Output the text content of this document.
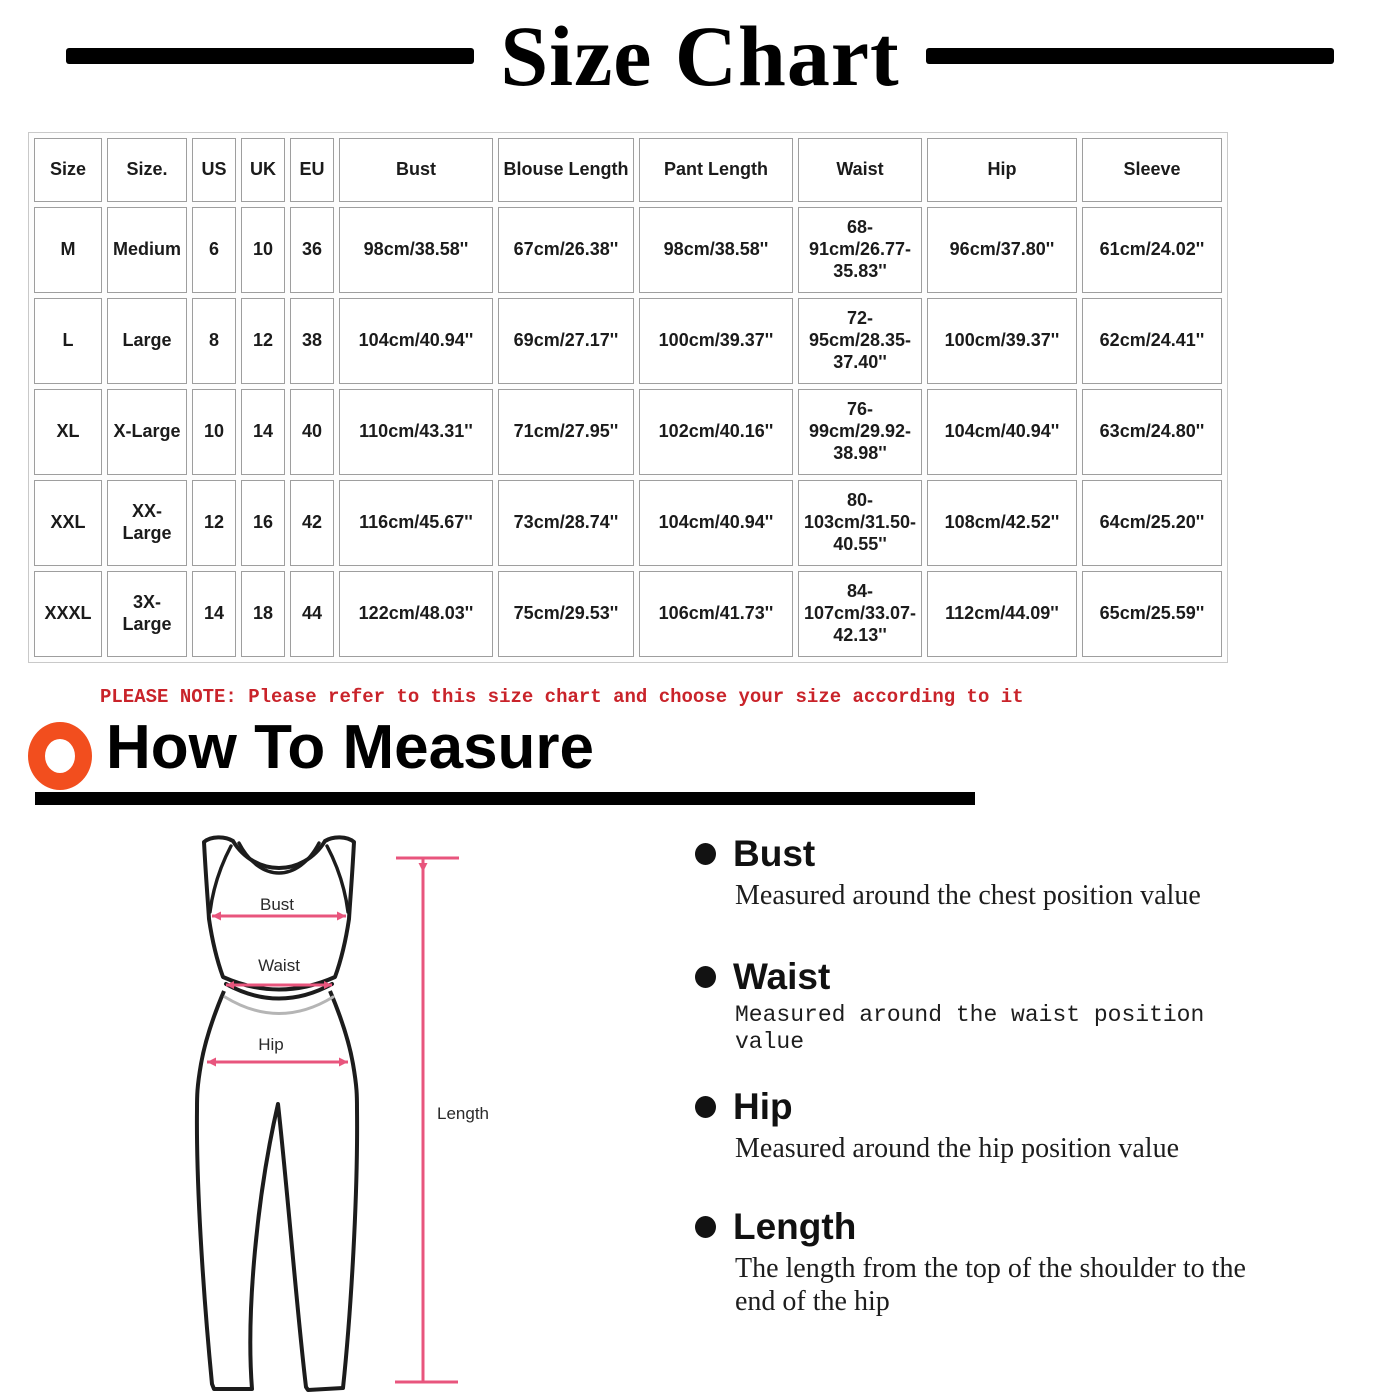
Size Chart
Size	Size.	US	UK	EU	Bust	Blouse Length	Pant Length	Waist	Hip	Sleeve
M	Medium	6	10	36	98cm/38.58''	67cm/26.38''	98cm/38.58''	68-91cm/26.77-35.83''	96cm/37.80''	61cm/24.02''
L	Large	8	12	38	104cm/40.94''	69cm/27.17''	100cm/39.37''	72-95cm/28.35-37.40''	100cm/39.37''	62cm/24.41''
XL	X-Large	10	14	40	110cm/43.31''	71cm/27.95''	102cm/40.16''	76-99cm/29.92-38.98''	104cm/40.94''	63cm/24.80''
XXL	XX-Large	12	16	42	116cm/45.67''	73cm/28.74''	104cm/40.94''	80-103cm/31.50-40.55''	108cm/42.52''	64cm/25.20''
XXXL	3X-Large	14	18	44	122cm/48.03''	75cm/29.53''	106cm/41.73''	84-107cm/33.07-42.13''	112cm/44.09''	65cm/25.59''
PLEASE NOTE: Please refer to this size chart and choose your size according to it
How To Measure
Bust
Waist
Hip
Length
Bust
Measured around the chest position value
Waist
Measured around the waist position value
Hip
Measured around the hip position value
Length
The length from the top of the shoulder to the end of the hip
